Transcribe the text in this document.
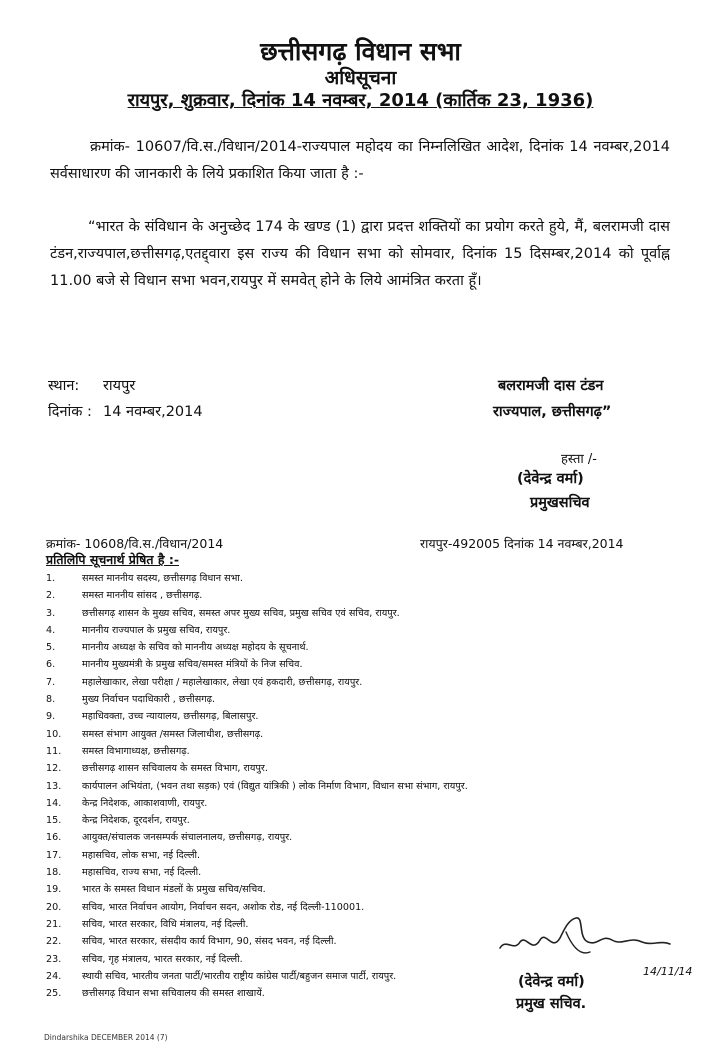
छत्तीसगढ़ विधान सभा
अधिसूचना
रायपुर, शुक्रवार, दिनांक 14 नवम्बर, 2014 (कार्तिक 23, 1936)
क्रमांक- 10607/वि.स./विधान/2014-राज्यपाल महोदय का निम्नलिखित आदेश, दिनांक 14 नवम्बर,2014 सर्वसाधारण की जानकारी के लिये प्रकाशित किया जाता है :-
“भारत के संविधान के अनुच्छेद 174 के खण्ड (1) द्वारा प्रदत्त शक्तियों का प्रयोग करते हुये, मैं, बलरामजी दास टंडन,राज्यपाल,छत्तीसगढ़,एतद्द्वारा इस राज्य की विधान सभा को सोमवार, दिनांक 15 दिसम्बर,2014 को पूर्वाह्न 11.00 बजे से विधान सभा भवन,रायपुर में समवेत् होने के लिये आमंत्रित करता हूँ।
स्थान: रायपुर
दिनांक : 14 नवम्बर,2014
बलरामजी दास टंडन
राज्यपाल, छत्तीसगढ़”
हस्ता /-
(देवेन्द्र वर्मा)
प्रमुखसचिव
क्रमांक- 10608/वि.स./विधान/2014	रायपुर-492005 दिनांक 14 नवम्बर,2014
प्रतिलिपि सूचनार्थ प्रेषित है :-
1.	समस्त माननीय सदस्य, छत्तीसगढ़ विधान सभा.
2.	समस्त माननीय सांसद , छत्तीसगढ़.
3.	छत्तीसगढ़ शासन के मुख्य सचिव, समस्त अपर मुख्य सचिव, प्रमुख सचिव एवं सचिव, रायपुर.
4.	माननीय राज्यपाल के प्रमुख सचिव, रायपुर.
5.	माननीय अध्यक्ष के सचिव को माननीय अध्यक्ष महोदय के सूचनार्थ.
6.	माननीय मुख्यमंत्री के प्रमुख सचिव/समस्त मंत्रियों के निज सचिव.
7.	महालेखाकार, लेखा परीक्षा / महालेखाकार, लेखा एवं हकदारी, छत्तीसगढ़, रायपुर.
8.	मुख्य निर्वाचन पदाधिकारी , छत्तीसगढ़.
9.	महाधिवक्ता, उच्च न्यायालय, छत्तीसगढ़, बिलासपुर.
10. समस्त संभाग आयुक्त /समस्त जिलाधीश, छत्तीसगढ़.
11. समस्त विभागाध्यक्ष, छत्तीसगढ़.
12. छत्तीसगढ़ शासन सचिवालय के समस्त विभाग, रायपुर.
13. कार्यपालन अभियंता, (भवन तथा सड़क) एवं (विद्युत यांत्रिकी ) लोक निर्माण विभाग, विधान सभा संभाग, रायपुर.
14. केन्द्र निदेशक, आकाशवाणी, रायपुर.
15. केन्द्र निदेशक, दूरदर्शन, रायपुर.
16. आयुक्त/संचालक जनसम्पर्क संचालनालय, छत्तीसगढ़, रायपुर.
17. महासचिव, लोक सभा, नई दिल्ली.
18. महासचिव, राज्य सभा, नई दिल्ली.
19. भारत के समस्त विधान मंडलों के प्रमुख सचिव/सचिव.
20. सचिव, भारत निर्वाचन आयोग, निर्वाचन सदन, अशोक रोड, नई दिल्ली-110001.
21. सचिव, भारत सरकार, विधि मंत्रालय, नई दिल्ली.
22. सचिव, भारत सरकार, संसदीय कार्य विभाग, 90, संसद भवन, नई दिल्ली.
23. सचिव, गृह मंत्रालय, भारत सरकार, नई दिल्ली.
24. स्थायी सचिव, भारतीय जनता पार्टी/भारतीय राष्ट्रीय कांग्रेस पार्टी/बहुजन समाज पार्टी, रायपुर.
25. छत्तीसगढ़ विधान सभा सचिवालय की समस्त शाखायें.
14/11/14
(देवेन्द्र वर्मा)
प्रमुख सचिव.
Dindarshika DECEMBER 2014 (7)
